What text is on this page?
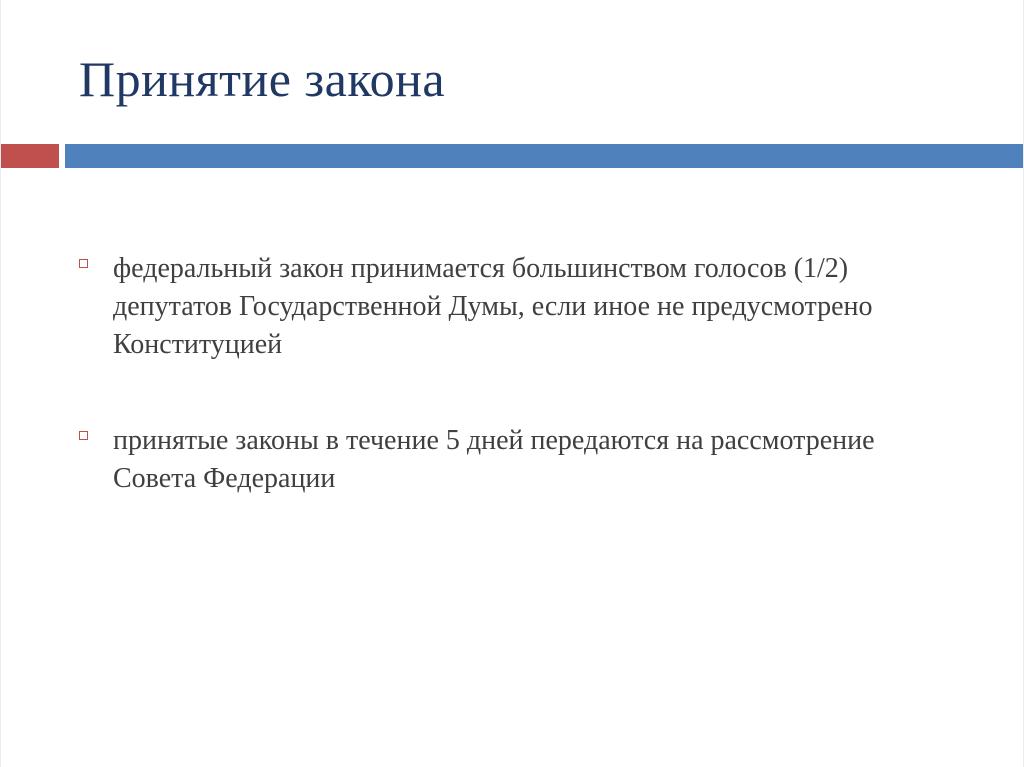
Принятие закона
федеральный закон принимается большинством голосов (1/2) депутатов Государственной Думы, если иное не предусмотрено Конституцией
принятые законы в течение 5 дней передаются на рассмотрение Совета Федерации
